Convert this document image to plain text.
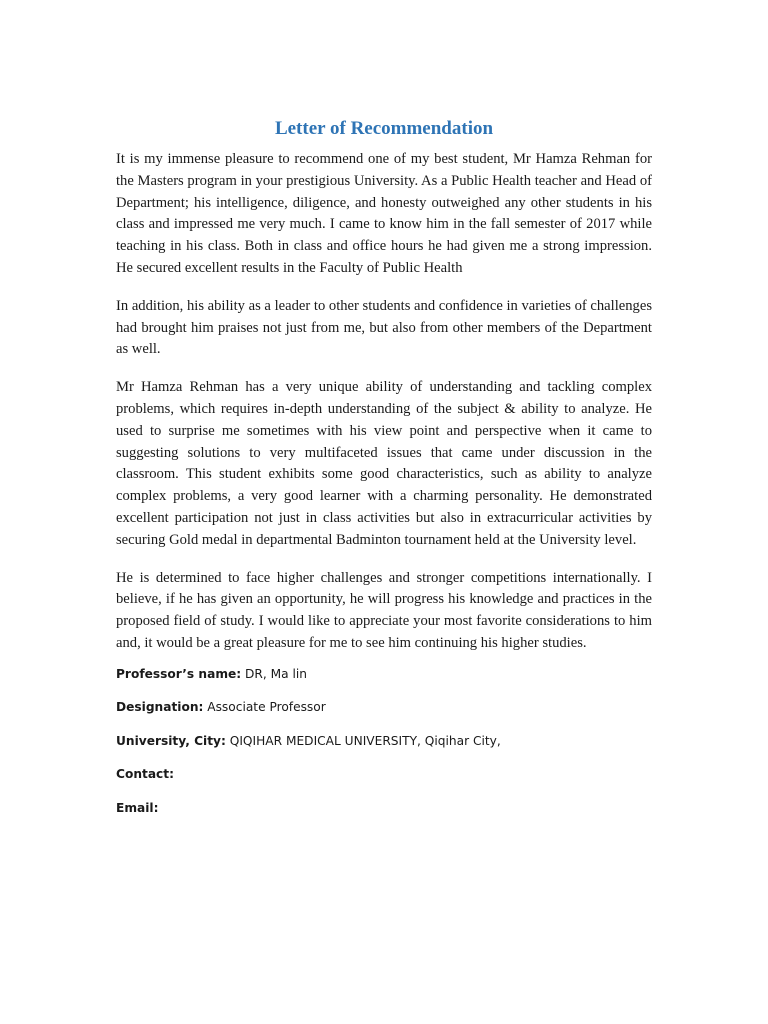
Letter of Recommendation

It is my immense pleasure to recommend one of my best student, Mr Hamza Rehman for the Masters program in your prestigious University. As a Public Health teacher and Head of Department; his intelligence, diligence, and honesty outweighed any other students in his class and impressed me very much. I came to know him in the fall semester of 2017 while teaching in his class. Both in class and office hours he had given me a strong impression. He secured excellent results in the Faculty of Public Health

In addition, his ability as a leader to other students and confidence in varieties of challenges had brought him praises not just from me, but also from other members of the Department as well.

Mr Hamza Rehman has a very unique ability of understanding and tackling complex problems, which requires in-depth understanding of the subject & ability to analyze. He used to surprise me sometimes with his view point and perspective when it came to suggesting solutions to very multifaceted issues that came under discussion in the classroom. This student exhibits some good characteristics, such as ability to analyze complex problems, a very good learner with a charming personality. He demonstrated excellent participation not just in class activities but also in extracurricular activities by securing Gold medal in departmental Badminton tournament held at the University level.

He is determined to face higher challenges and stronger competitions internationally. I believe, if he has given an opportunity, he will progress his knowledge and practices in the proposed field of study. I would like to appreciate your most favorite considerations to him and, it would be a great pleasure for me to see him continuing his higher studies.

Professor’s name: DR, Ma lin
Designation: Associate Professor
University, City: QIQIHAR MEDICAL UNIVERSITY, Qiqihar City,
Contact:
Email:
